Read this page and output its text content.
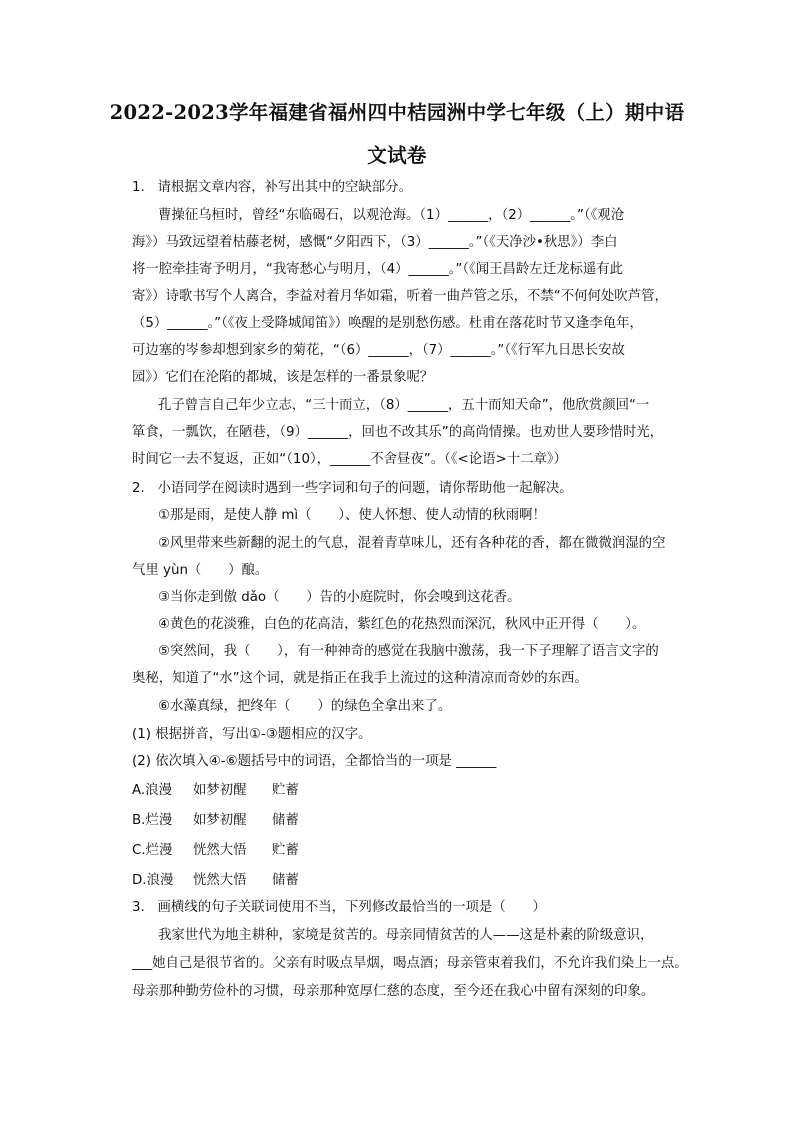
2022-2023学年福建省福州四中桔园洲中学七年级（上）期中语
文试卷
1.   请根据文章内容，补写出其中的空缺部分。
曹操征乌桓时，曾经“东临碣石，以观沧海。（1）______，（2）______。”（《观沧
海》）马致远望着枯藤老树，感慨“夕阳西下，（3）______。”（《天净沙•秋思》）李白
将一腔牵挂寄予明月，“我寄愁心与明月，（4）______。”（《闻王昌龄左迁龙标遥有此
寄》）诗歌书写个人离合，李益对着月华如霜，听着一曲芦管之乐，不禁“不何何处吹芦管，
（5）______。”（《夜上受降城闻笛》）唤醒的是别愁伤感。杜甫在落花时节又逢李龟年，
可边塞的岑参却想到家乡的菊花，“（6）______，（7）______。”（《行军九日思长安故
园》）它们在沦陷的都城，该是怎样的一番景象呢？
孔子曾言自己年少立志，“三十而立，（8）______，五十而知天命”，他欣赏颜回“一
箪食，一瓢饮，在陋巷，（9）______，回也不改其乐”的高尚情操。也劝世人要珍惜时光，
时间它一去不复返，正如“（10），______不舍昼夜”。（《<论语>十二章》）
2.   小语同学在阅读时遇到一些字词和句子的问题，请你帮助他一起解决。
①那是雨，是使人静 mì（　　）、使人怀想、使人动情的秋雨啊！
②风里带来些新翻的泥土的气息，混着青草味儿，还有各种花的香，都在微微润湿的空
气里 yùn（　　）酿。
③当你走到傲 dǎo（　　）告的小庭院时，你会嗅到这花香。
④黄色的花淡雅，白色的花高洁，紫红色的花热烈而深沉，秋风中正开得（　　）。
⑤突然间，我（　　），有一种神奇的感觉在我脑中激荡，我一下子理解了语言文字的
奥秘，知道了“水”这个词，就是指正在我手上流过的这种清凉而奇妙的东西。
⑥水藻真绿，把终年（　　）的绿色全拿出来了。
(1) 根据拼音，写出①-③题相应的汉字。
(2) 依次填入④-⑥题括号中的词语，全都恰当的一项是 ______
A.浪漫 如梦初醒 贮蓄
B.烂漫 如梦初醒 储蓄
C.烂漫 恍然大悟 贮蓄
D.浪漫 恍然大悟 储蓄
3.   画横线的句子关联词使用不当，下列修改最恰当的一项是（　　）
我家世代为地主耕种，家境是贫苦的。母亲同情贫苦的人——这是朴素的阶级意识，
___她自己是很节省的。父亲有时吸点旱烟，喝点酒；母亲管束着我们，不允许我们染上一点。
母亲那种勤劳俭朴的习惯，母亲那种宽厚仁慈的态度，至今还在我心中留有深刻的印象。
